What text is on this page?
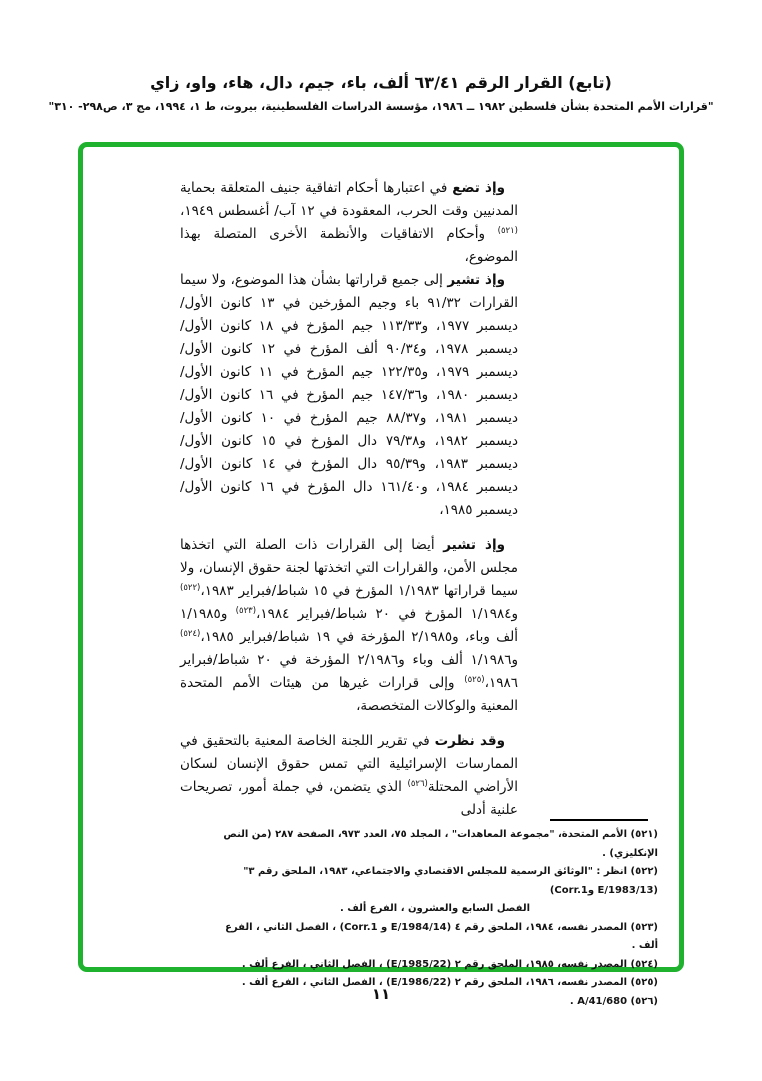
(تابع) القرار الرقم ٦٣/٤١ ألف، باء، جيم، دال، هاء، واو، زاي
"قرارات الأمم المتحدة بشأن فلسطين ١٩٨٢ ــ ١٩٨٦، مؤسسة الدراسات الفلسطينية، بيروت، ط ١، ١٩٩٤، مج ٣، ص٢٩٨- ٣١٠"
وإذ تضع في اعتبارها أحكام اتفاقية جنيف المتعلقة بحماية المدنيين وقت الحرب، المعقودة في ١٢ آب/ أغسطس ١٩٤٩،$^{(٥٢١)}$ وأحكام الاتفاقيات والأنظمة الأخرى المتصلة بهذا الموضوع،
وإذ تشير إلى جميع قراراتها بشأن هذا الموضوع، ولا سيما القرارات ٩١/٣٢ باء وجيم المؤرخين في ١٣ كانون الأول/ديسمبر ١٩٧٧، و١١٣/٣٣ جيم المؤرخ في ١٨ كانون الأول/ديسمبر ١٩٧٨، و٩٠/٣٤ ألف المؤرخ في ١٢ كانون الأول/ديسمبر ١٩٧٩، و١٢٢/٣٥ جيم المؤرخ في ١١ كانون الأول/ديسمبر ١٩٨٠، و١٤٧/٣٦ جيم المؤرخ في ١٦ كانون الأول/ديسمبر ١٩٨١، و٨٨/٣٧ جيم المؤرخ في ١٠ كانون الأول/ديسمبر ١٩٨٢، و٧٩/٣٨ دال المؤرخ في ١٥ كانون الأول/ديسمبر ١٩٨٣، و٩٥/٣٩ دال المؤرخ في ١٤ كانون الأول/ديسمبر ١٩٨٤، و١٦١/٤٠ دال المؤرخ في ١٦ كانون الأول/ديسمبر ١٩٨٥،
وإذ تشير أيضا إلى القرارات ذات الصلة التي اتخذها مجلس الأمن، والقرارات التي اتخذتها لجنة حقوق الإنسان، ولا سيما قراراتها ١/١٩٨٣ المؤرخ في ١٥ شباط/فبراير ١٩٨٣،$^{(٥٢٢)}$ و١/١٩٨٤ المؤرخ في ٢٠ شباط/فبراير ١٩٨٤،$^{(٥٢٣)}$ و١/١٩٨٥ ألف وباء، و٢/١٩٨٥ المؤرخة في ١٩ شباط/فبراير ١٩٨٥،$^{(٥٢٤)}$ و١/١٩٨٦ ألف وباء و٢/١٩٨٦ المؤرخة في ٢٠ شباط/فبراير ١٩٨٦،$^{(٥٢٥)}$ وإلى قرارات غيرها من هيئات الأمم المتحدة المعنية والوكالات المتخصصة،
وقد نظرت في تقرير اللجنة الخاصة المعنية بالتحقيق في الممارسات الإسرائيلية التي تمس حقوق الإنسان لسكان الأراضي المحتلة$^{(٥٢٦)}$ الذي يتضمن، في جملة أمور، تصريحات علنية أدلى
(٥٢١) الأمم المتحدة، "مجموعة المعاهدات" ، المجلد ٧٥، العدد ٩٧٣، الصفحة ٢٨٧ (من النص الإنكليزي) .
(٥٢٢) انظر : "الوثائق الرسمية للمجلس الاقتصادي والاجتماعي، ١٩٨٣، الملحق رقم ٣" (E/1983/13 وCorr.1)
الفصل السابع والعشرون ، الفرع ألف .
(٥٢٣) المصدر نفسه، ١٩٨٤، الملحق رقم ٤ (E/1984/14 و Corr.1) ، الفصل الثاني ، الفرع ألف .
(٥٢٤) المصدر نفسه، ١٩٨٥، الملحق رقم ٢ (E/1985/22) ، الفصل الثاني ، الفرع ألف .
(٥٢٥) المصدر نفسه، ١٩٨٦، الملحق رقم ٢ (E/1986/22) ، الفصل الثاني ، الفرع ألف .
(٥٢٦) A/41/680 .
١١
